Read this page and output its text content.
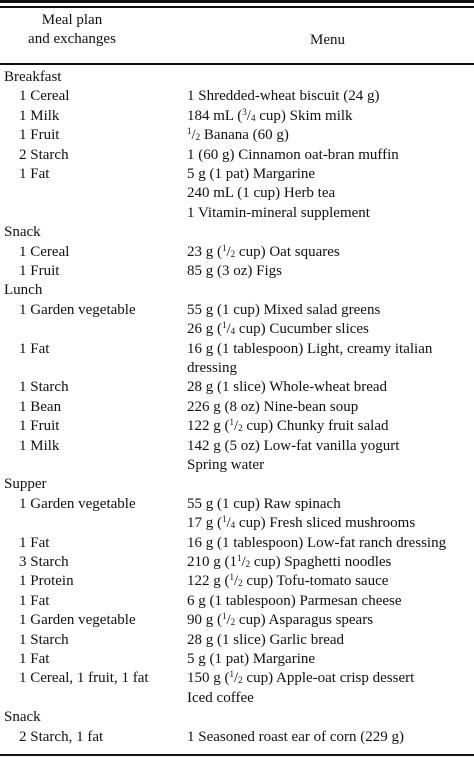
Meal plan
and exchanges	Menu
Breakfast
1 Cereal	1 Shredded-wheat biscuit (24 g)
1 Milk	184 mL ($^3/_4$ cup) Skim milk
1 Fruit	$^1/_2$ Banana (60 g)
2 Starch	1 (60 g) Cinnamon oat-bran muffin
1 Fat	5 g (1 pat) Margarine
240 mL (1 cup) Herb tea
1 Vitamin-mineral supplement
Snack
1 Cereal	23 g ($^1/_2$ cup) Oat squares
1 Fruit	85 g (3 oz) Figs
Lunch
1 Garden vegetable	55 g (1 cup) Mixed salad greens
26 g ($^1/_4$ cup) Cucumber slices
1 Fat	16 g (1 tablespoon) Light, creamy italian
dressing
1 Starch	28 g (1 slice) Whole-wheat bread
1 Bean	226 g (8 oz) Nine-bean soup
1 Fruit	122 g ($^1/_2$ cup) Chunky fruit salad
1 Milk	142 g (5 oz) Low-fat vanilla yogurt
Spring water
Supper
1 Garden vegetable	55 g (1 cup) Raw spinach
17 g ($^1/_4$ cup) Fresh sliced mushrooms
1 Fat	16 g (1 tablespoon) Low-fat ranch dressing
3 Starch	210 g ($1^1/_2$ cup) Spaghetti noodles
1 Protein	122 g ($^1/_2$ cup) Tofu-tomato sauce
1 Fat	6 g (1 tablespoon) Parmesan cheese
1 Garden vegetable	90 g ($^1/_2$ cup) Asparagus spears
1 Starch	28 g (1 slice) Garlic bread
1 Fat	5 g (1 pat) Margarine
1 Cereal, 1 fruit, 1 fat	150 g ($^1/_2$ cup) Apple-oat crisp dessert
Iced coffee
Snack
2 Starch, 1 fat	1 Seasoned roast ear of corn (229 g)
